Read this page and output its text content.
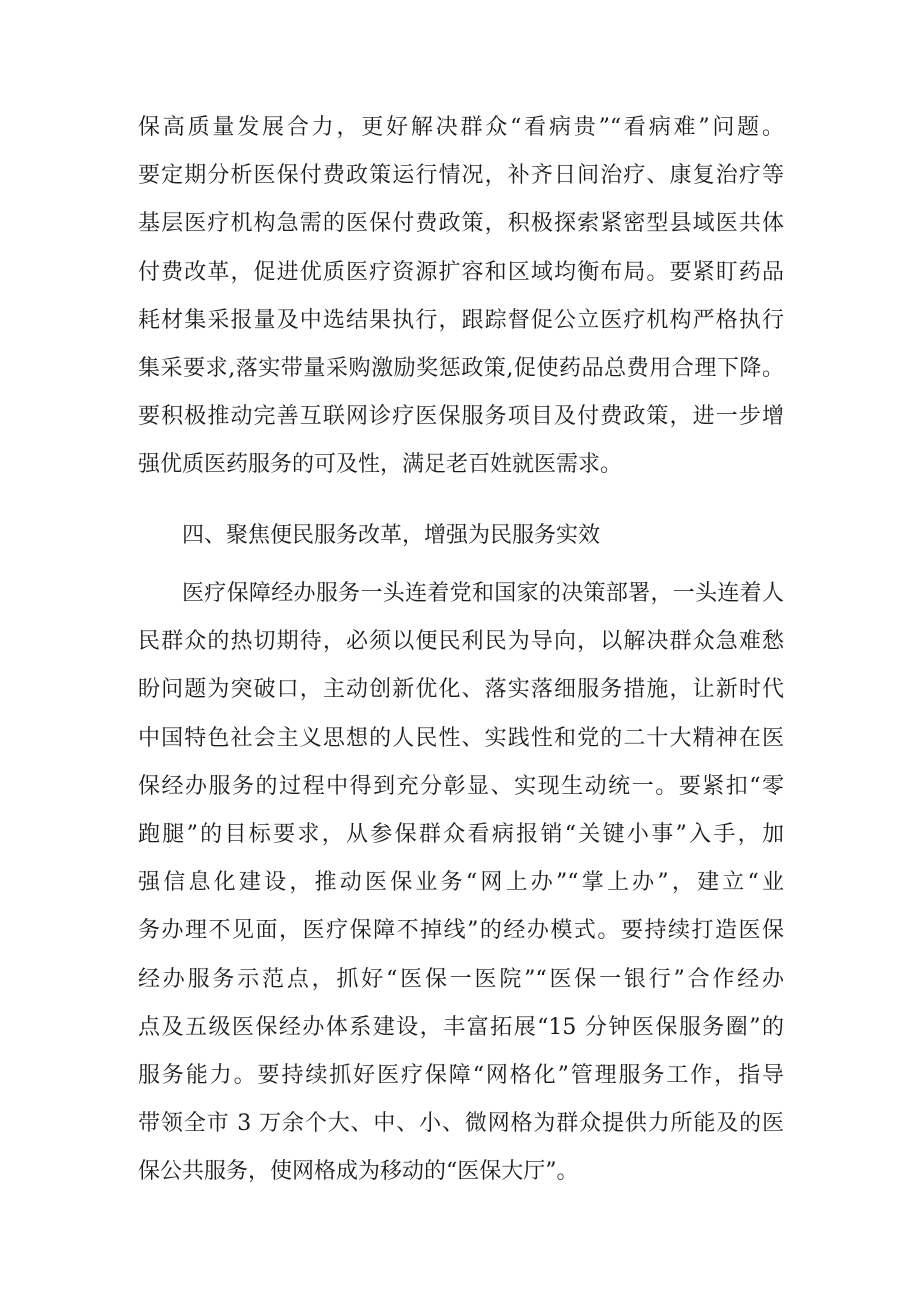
保高质量发展合力，更好解决群众“看病贵”“看病难”问题。
要定期分析医保付费政策运行情况，补齐日间治疗、康复治疗等
基层医疗机构急需的医保付费政策，积极探索紧密型县域医共体
付费改革，促进优质医疗资源扩容和区域均衡布局。要紧盯药品
耗材集采报量及中选结果执行，跟踪督促公立医疗机构严格执行
集采要求,落实带量采购激励奖惩政策,促使药品总费用合理下降。
要积极推动完善互联网诊疗医保服务项目及付费政策，进一步增
强优质医药服务的可及性，满足老百姓就医需求。
四、聚焦便民服务改革，增强为民服务实效
医疗保障经办服务一头连着党和国家的决策部署，一头连着人
民群众的热切期待，必须以便民利民为导向，以解决群众急难愁
盼问题为突破口，主动创新优化、落实落细服务措施，让新时代
中国特色社会主义思想的人民性、实践性和党的二十大精神在医
保经办服务的过程中得到充分彰显、实现生动统一。要紧扣“零
跑腿”的目标要求，从参保群众看病报销“关键小事”入手，加
强信息化建设，推动医保业务“网上办”“掌上办”，建立“业
务办理不见面，医疗保障不掉线”的经办模式。要持续打造医保
经办服务示范点，抓好“医保一医院”“医保一银行”合作经办
点及五级医保经办体系建设，丰富拓展“15 分钟医保服务圈”的
服务能力。要持续抓好医疗保障“网格化”管理服务工作，指导
带领全市 3 万余个大、中、小、微网格为群众提供力所能及的医
保公共服务，使网格成为移动的“医保大厅”。
